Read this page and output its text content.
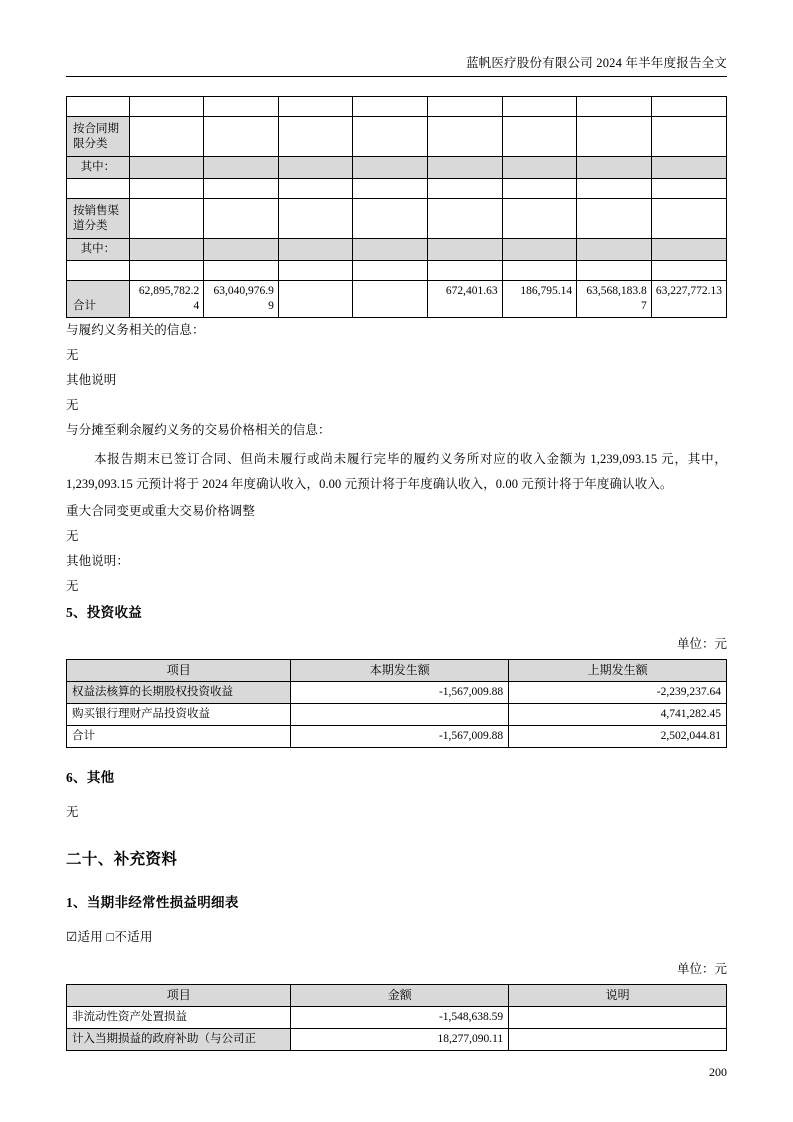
蓝帆医疗股份有限公司 2024 年半年度报告全文

按合同期限分类								
其中：								

按销售渠道分类								
其中：								

合计	62,895,782.24	63,040,976.99			672,401.63	186,795.14	63,568,183.87	63,227,772.13

与履约义务相关的信息：

无

其他说明

无

与分摊至剩余履约义务的交易价格相关的信息：

本报告期末已签订合同、但尚未履行或尚未履行完毕的履约义务所对应的收入金额为 1,239,093.15 元，其中，1,239,093.15 元预计将于 2024 年度确认收入，0.00 元预计将于年度确认收入，0.00 元预计将于年度确认收入。

重大合同变更或重大交易价格调整

无

其他说明：

无

5、投资收益
单位：元
项目	本期发生额	上期发生额
权益法核算的长期股权投资收益	-1,567,009.88	-2,239,237.64
购买银行理财产品投资收益		4,741,282.45
合计	-1,567,009.88	2,502,044.81
6、其他

无

二十、补充资料
1、当期非经常性损益明细表

☑适用 □不适用

单位：元
项目	金额	说明
非流动性资产处置损益	-1,548,638.59	
计入当期损益的政府补助（与公司正	18,277,090.11	
200
